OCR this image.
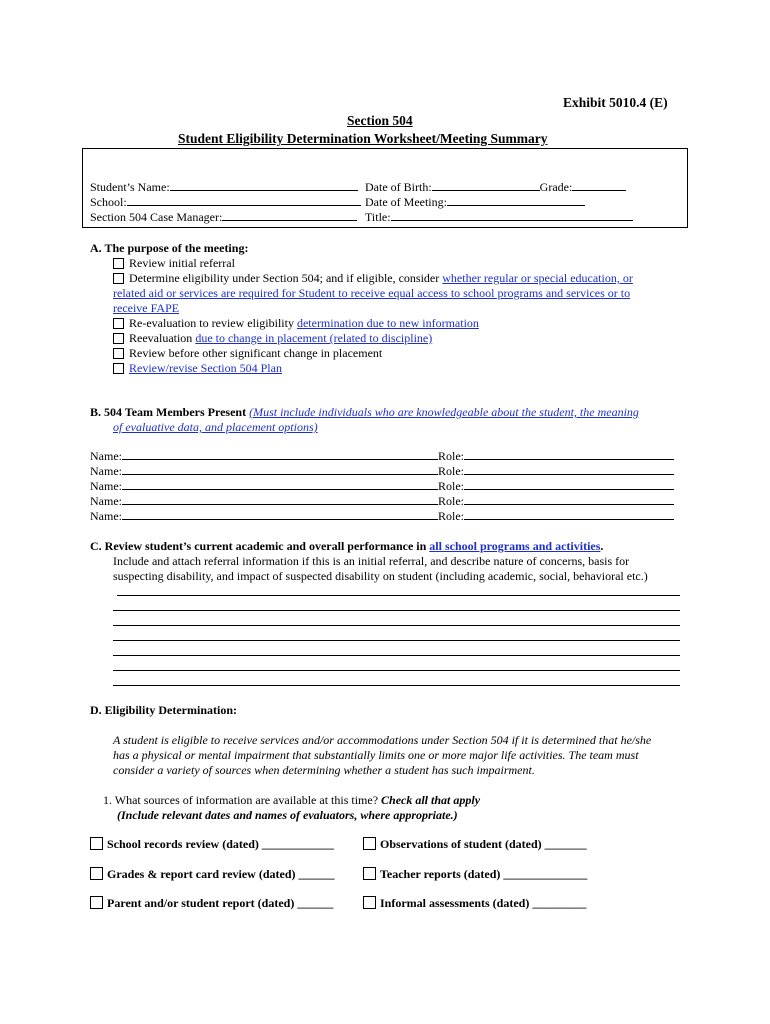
Exhibit 5010.4 (E)
Section 504
Student Eligibility Determination Worksheet/Meeting Summary
Student’s Name:	Date of Birth:	Grade:
School:	Date of Meeting:
Section 504 Case Manager:	Title:
A. The purpose of the meeting:
Review initial referral
Determine eligibility under Section 504; and if eligible, consider whether regular or special education, or
related aid or services are required for Student to receive equal access to school programs and services or to
receive FAPE
Re-evaluation to review eligibility determination due to new information
Reevaluation due to change in placement (related to discipline)
Review before other significant change in placement
Review/revise Section 504 Plan
B. 504 Team Members Present (Must include individuals who are knowledgeable about the student, the meaning
of evaluative data, and placement options)
Name:	Role:
Name:	Role:
Name:	Role:
Name:	Role:
Name:	Role:
C. Review student’s current academic and overall performance in all school programs and activities.
Include and attach referral information if this is an initial referral, and describe nature of concerns, basis for
suspecting disability, and impact of suspected disability on student (including academic, social, behavioral etc.)
D. Eligibility Determination:
A student is eligible to receive services and/or accommodations under Section 504 if it is determined that he/she
has a physical or mental impairment that substantially limits one or more major life activities. The team must
consider a variety of sources when determining whether a student has such impairment.
1. What sources of information are available at this time? Check all that apply
(Include relevant dates and names of evaluators, where appropriate.)
School records review (dated) ____________	Observations of student (dated) _______
Grades & report card review (dated) ______	Teacher reports (dated) ______________
Parent and/or student report (dated) ______	Informal assessments (dated) _________
